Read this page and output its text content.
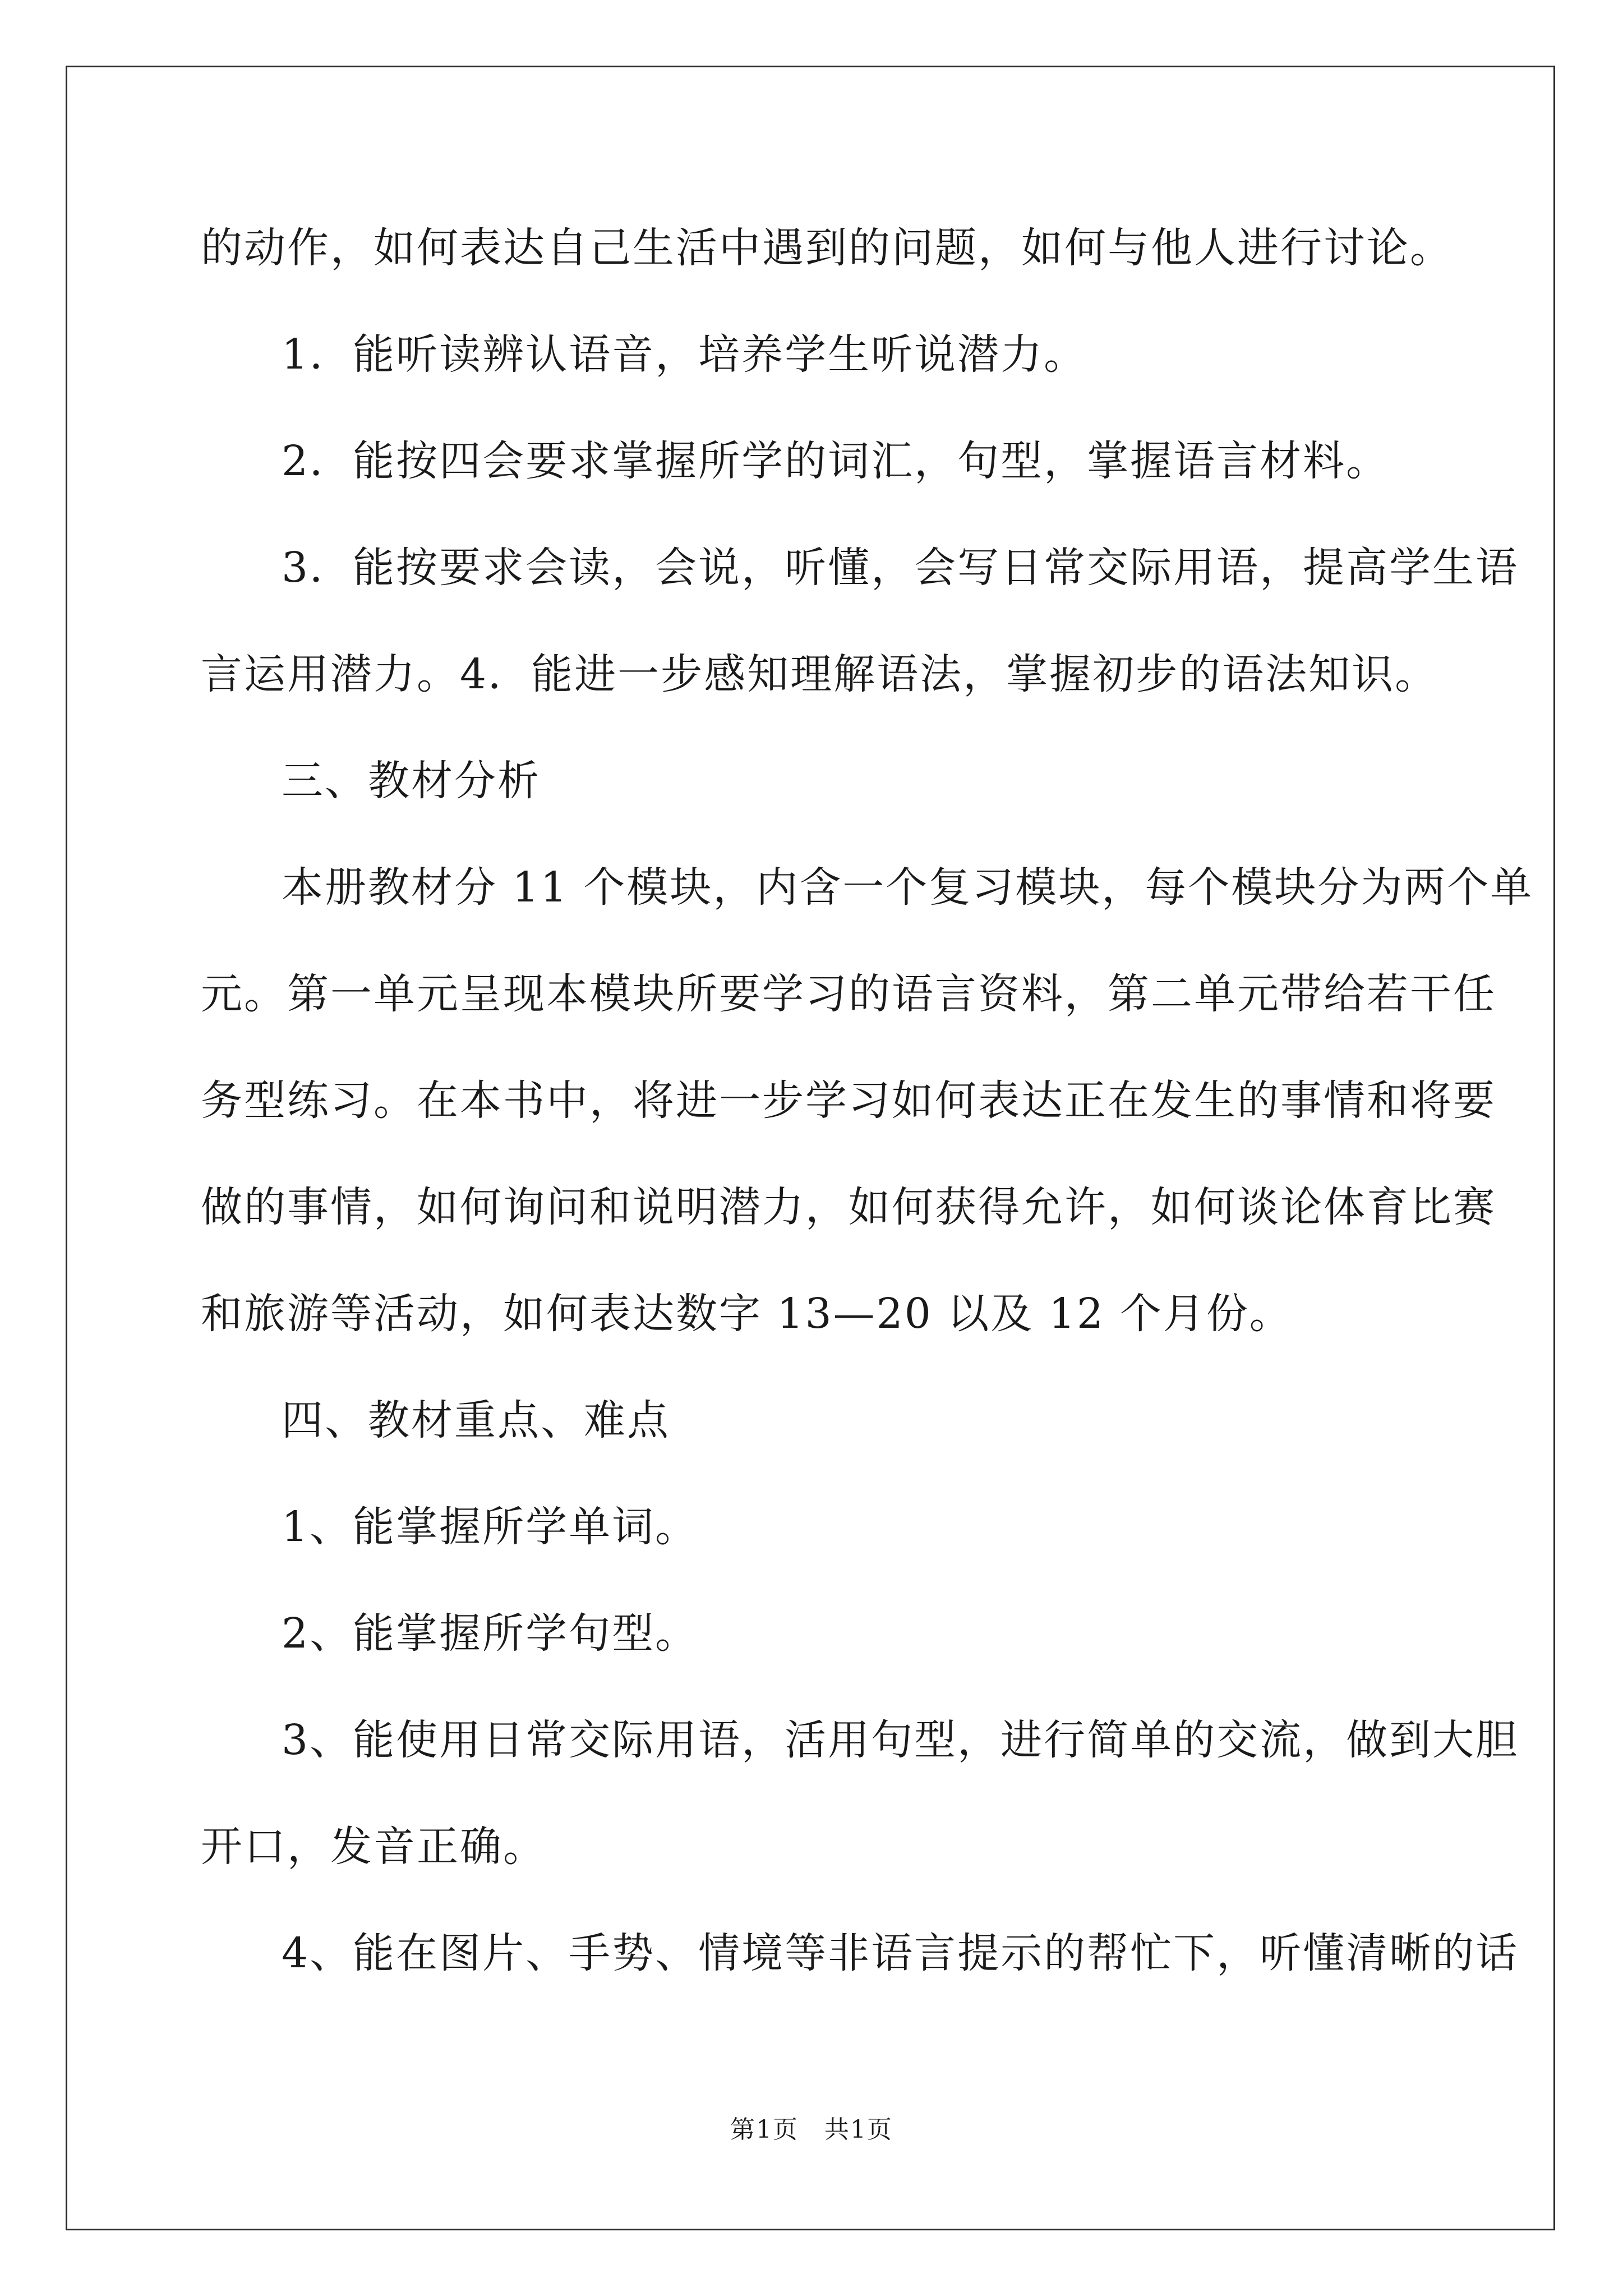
的动作，如何表达自己生活中遇到的问题，如何与他人进行讨论。
1．能听读辨认语音，培养学生听说潜力。
2．能按四会要求掌握所学的词汇，句型，掌握语言材料。
3．能按要求会读，会说，听懂，会写日常交际用语，提高学生语
言运用潜力。4．能进一步感知理解语法，掌握初步的语法知识。
三、教材分析
本册教材分 11 个模块，内含一个复习模块，每个模块分为两个单
元。第一单元呈现本模块所要学习的语言资料，第二单元带给若干任
务型练习。在本书中，将进一步学习如何表达正在发生的事情和将要
做的事情，如何询问和说明潜力，如何获得允许，如何谈论体育比赛
和旅游等活动，如何表达数字 13—20 以及 12 个月份。
四、教材重点、难点
1、能掌握所学单词。
2、能掌握所学句型。
3、能使用日常交际用语，活用句型，进行简单的交流，做到大胆
开口，发音正确。
4、能在图片、手势、情境等非语言提示的帮忙下，听懂清晰的话
第1页　共1页
